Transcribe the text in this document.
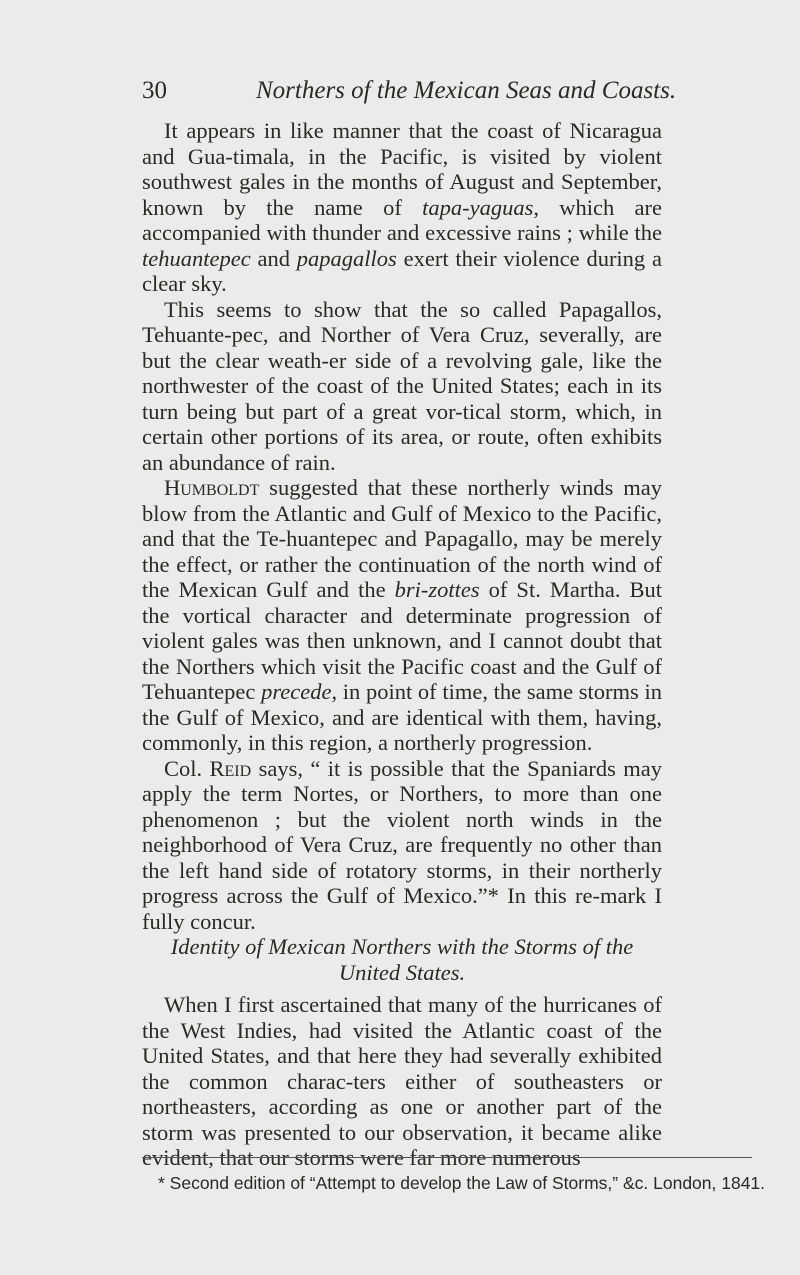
30	Northers of the Mexican Seas and Coasts.

It appears in like manner that the coast of Nicaragua and Gua-timala, in the Pacific, is visited by violent southwest gales in the months of August and September, known by the name of tapa-yaguas, which are accompanied with thunder and excessive rains ; while the tehuantepec and papagallos exert their violence during a clear sky.

This seems to show that the so called Papagallos, Tehuante-pec, and Norther of Vera Cruz, severally, are but the clear weath-er side of a revolving gale, like the northwester of the coast of the United States; each in its turn being but part of a great vor-tical storm, which, in certain other portions of its area, or route, often exhibits an abundance of rain.

Humboldt suggested that these northerly winds may blow from the Atlantic and Gulf of Mexico to the Pacific, and that the Te-huantepec and Papagallo, may be merely the effect, or rather the continuation of the north wind of the Mexican Gulf and the bri-zottes of St. Martha. But the vortical character and determinate progression of violent gales was then unknown, and I cannot doubt that the Northers which visit the Pacific coast and the Gulf of Tehuantepec precede, in point of time, the same storms in the Gulf of Mexico, and are identical with them, having, commonly, in this region, a northerly progression.

Col. Reid says, “ it is possible that the Spaniards may apply the term Nortes, or Northers, to more than one phenomenon ; but the violent north winds in the neighborhood of Vera Cruz, are frequently no other than the left hand side of rotatory storms, in their northerly progress across the Gulf of Mexico.”* In this re-mark I fully concur.

Identity of Mexican Northers with the Storms of the United States.

When I first ascertained that many of the hurricanes of the West Indies, had visited the Atlantic coast of the United States, and that here they had severally exhibited the common charac-ters either of southeasters or northeasters, according as one or another part of the storm was presented to our observation, it became alike evident, that our storms were far more numerous

* Second edition of “Attempt to develop the Law of Storms,” &c. London, 1841.
